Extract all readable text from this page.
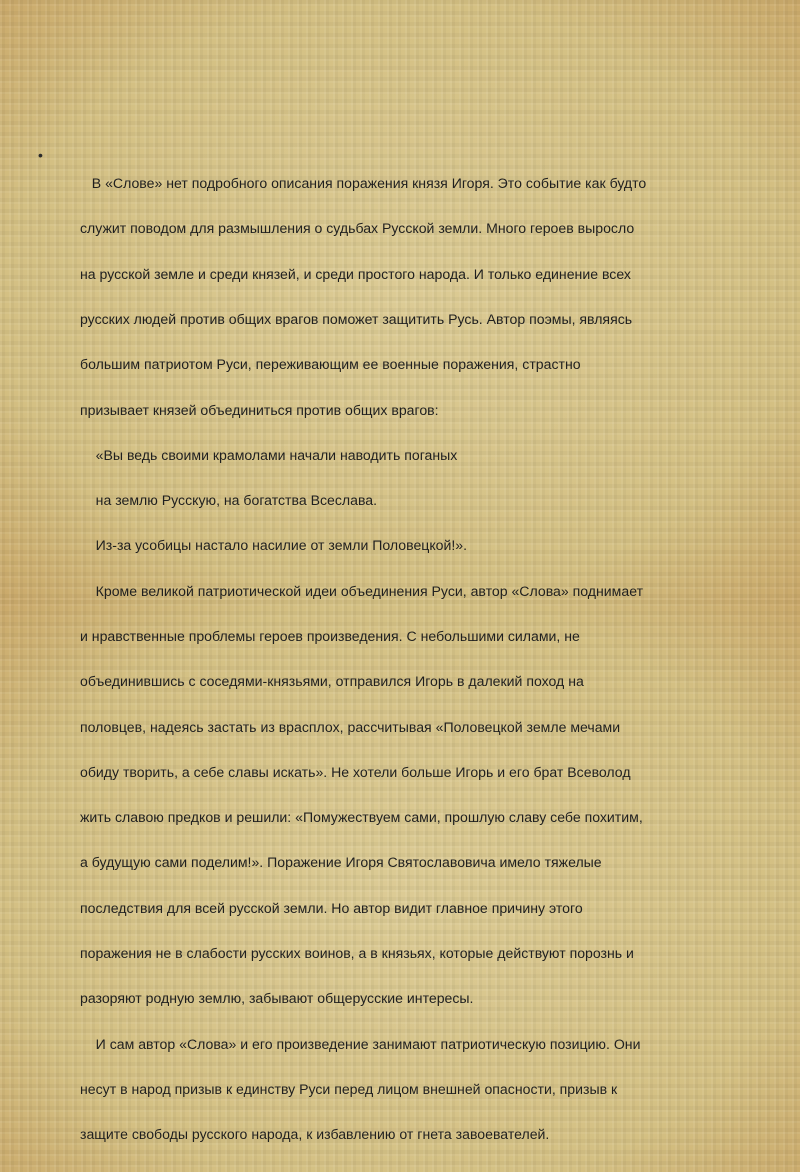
•

В «Слове» нет подробного описания поражения князя Игоря. Это событие как будто

служит поводом для размышления о судьбах Русской земли. Много героев выросло

на русской земле и среди князей, и среди простого народа. И только единение всех

русских людей против общих врагов поможет защитить Русь. Автор поэмы, являясь

большим патриотом Руси, переживающим ее военные поражения, страстно

призывает князей объединиться против общих врагов:

«Вы ведь своими крамолами начали наводить поганых

на землю Русскую, на богатства Всеслава.

Из-за усобицы настало насилие от земли Половецкой!».

Кроме великой патриотической идеи объединения Руси, автор «Слова» поднимает

и нравственные проблемы героев произведения. С небольшими силами, не

объединившись с соседями-князьями, отправился Игорь в далекий поход на

половцев, надеясь застать из врасплох, рассчитывая «Половецкой земле мечами

обиду творить, а себе славы искать». Не хотели больше Игорь и его брат Всеволод

жить славою предков и решили: «Помужествуем сами, прошлую славу себе похитим,

а будущую сами поделим!». Поражение Игоря Святославовича имело тяжелые

последствия для всей русской земли. Но автор видит главное причину этого

поражения не в слабости русских воинов, а в князьях, которые действуют порознь и

разоряют родную землю, забывают общерусские интересы.

И сам автор «Слова» и его произведение занимают патриотическую позицию. Они

несут в народ призыв к единству Руси перед лицом внешней опасности, призыв к

защите свободы русского народа, к избавлению от гнета завоевателей.
